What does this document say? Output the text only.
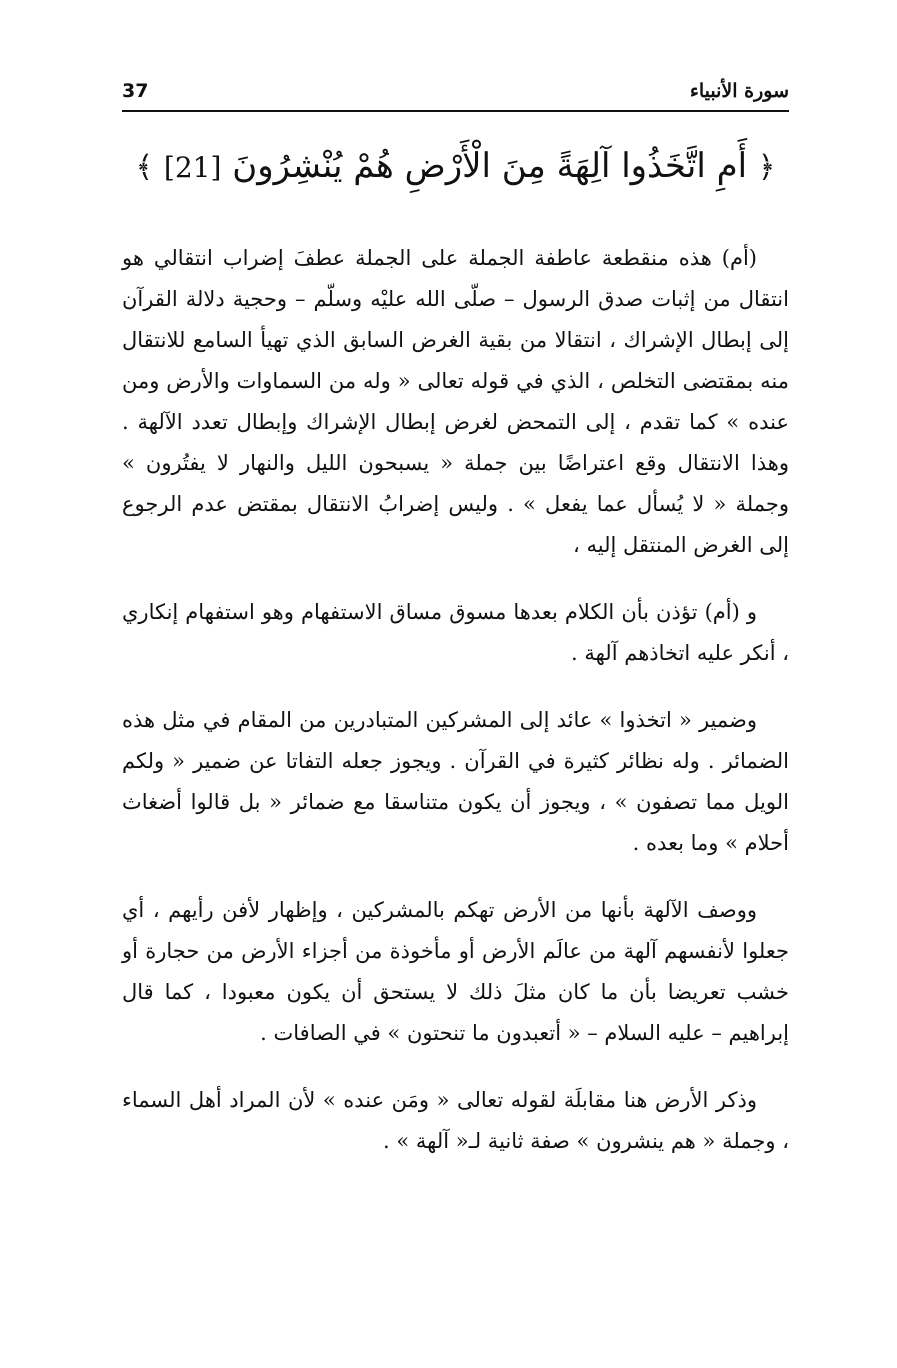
37	سورة الأنبياء
﴿ أَمِ اتَّخَذُوا آلِهَةً مِنَ الْأَرْضِ هُمْ يُنْشِرُونَ [21] ﴾

(أم) هذه منقطعة عاطفة الجملة على الجملة عطفَ إضراب انتقالي هو انتقال من إثبات صدق الرسول – صلّى الله عليْه وسلّم – وحجية دلالة القرآن إلى إبطال الإشراك ، انتقالا من بقية الغرض السابق الذي تهيأ السامع للانتقال منه بمقتضى التخلص ، الذي في قوله تعالى « وله من السماوات والأرض ومن عنده » كما تقدم ، إلى التمحض لغرض إبطال الإشراك وإبطال تعدد الآلهة . وهذا الانتقال وقع اعتراضًا بين جملة « يسبحون الليل والنهار لا يفتُرون » وجملة « لا يُسأل عما يفعل » . وليس إضرابُ الانتقال بمقتض عدم الرجوع إلى الغرض المنتقل إليه ،

و (أم) تؤذن بأن الكلام بعدها مسوق مساق الاستفهام وهو استفهام إنكاري ، أنكر عليه اتخاذهم آلهة .

وضمير « اتخذوا » عائد إلى المشركين المتبادرين من المقام في مثل هذه الضمائر . وله نظائر كثيرة في القرآن . ويجوز جعله التفاتا عن ضمير « ولكم الويل مما تصفون » ، ويجوز أن يكون متناسقا مع ضمائر « بل قالوا أضغاث أحلام » وما بعده .

ووصف الآلهة بأنها من الأرض تهكم بالمشركين ، وإظهار لأفن رأيهم ، أي جعلوا لأنفسهم آلهة من عالَم الأرض أو مأخوذة من أجزاء الأرض من حجارة أو خشب تعريضا بأن ما كان مثلَ ذلك لا يستحق أن يكون معبودا ، كما قال إبراهيم – عليه السلام – « أتعبدون ما تنحتون » في الصافات .

وذكر الأرض هنا مقابلَة لقوله تعالى « ومَن عنده » لأن المراد أهل السماء ، وجملة « هم ينشرون » صفة ثانية لـ« آلهة » .
